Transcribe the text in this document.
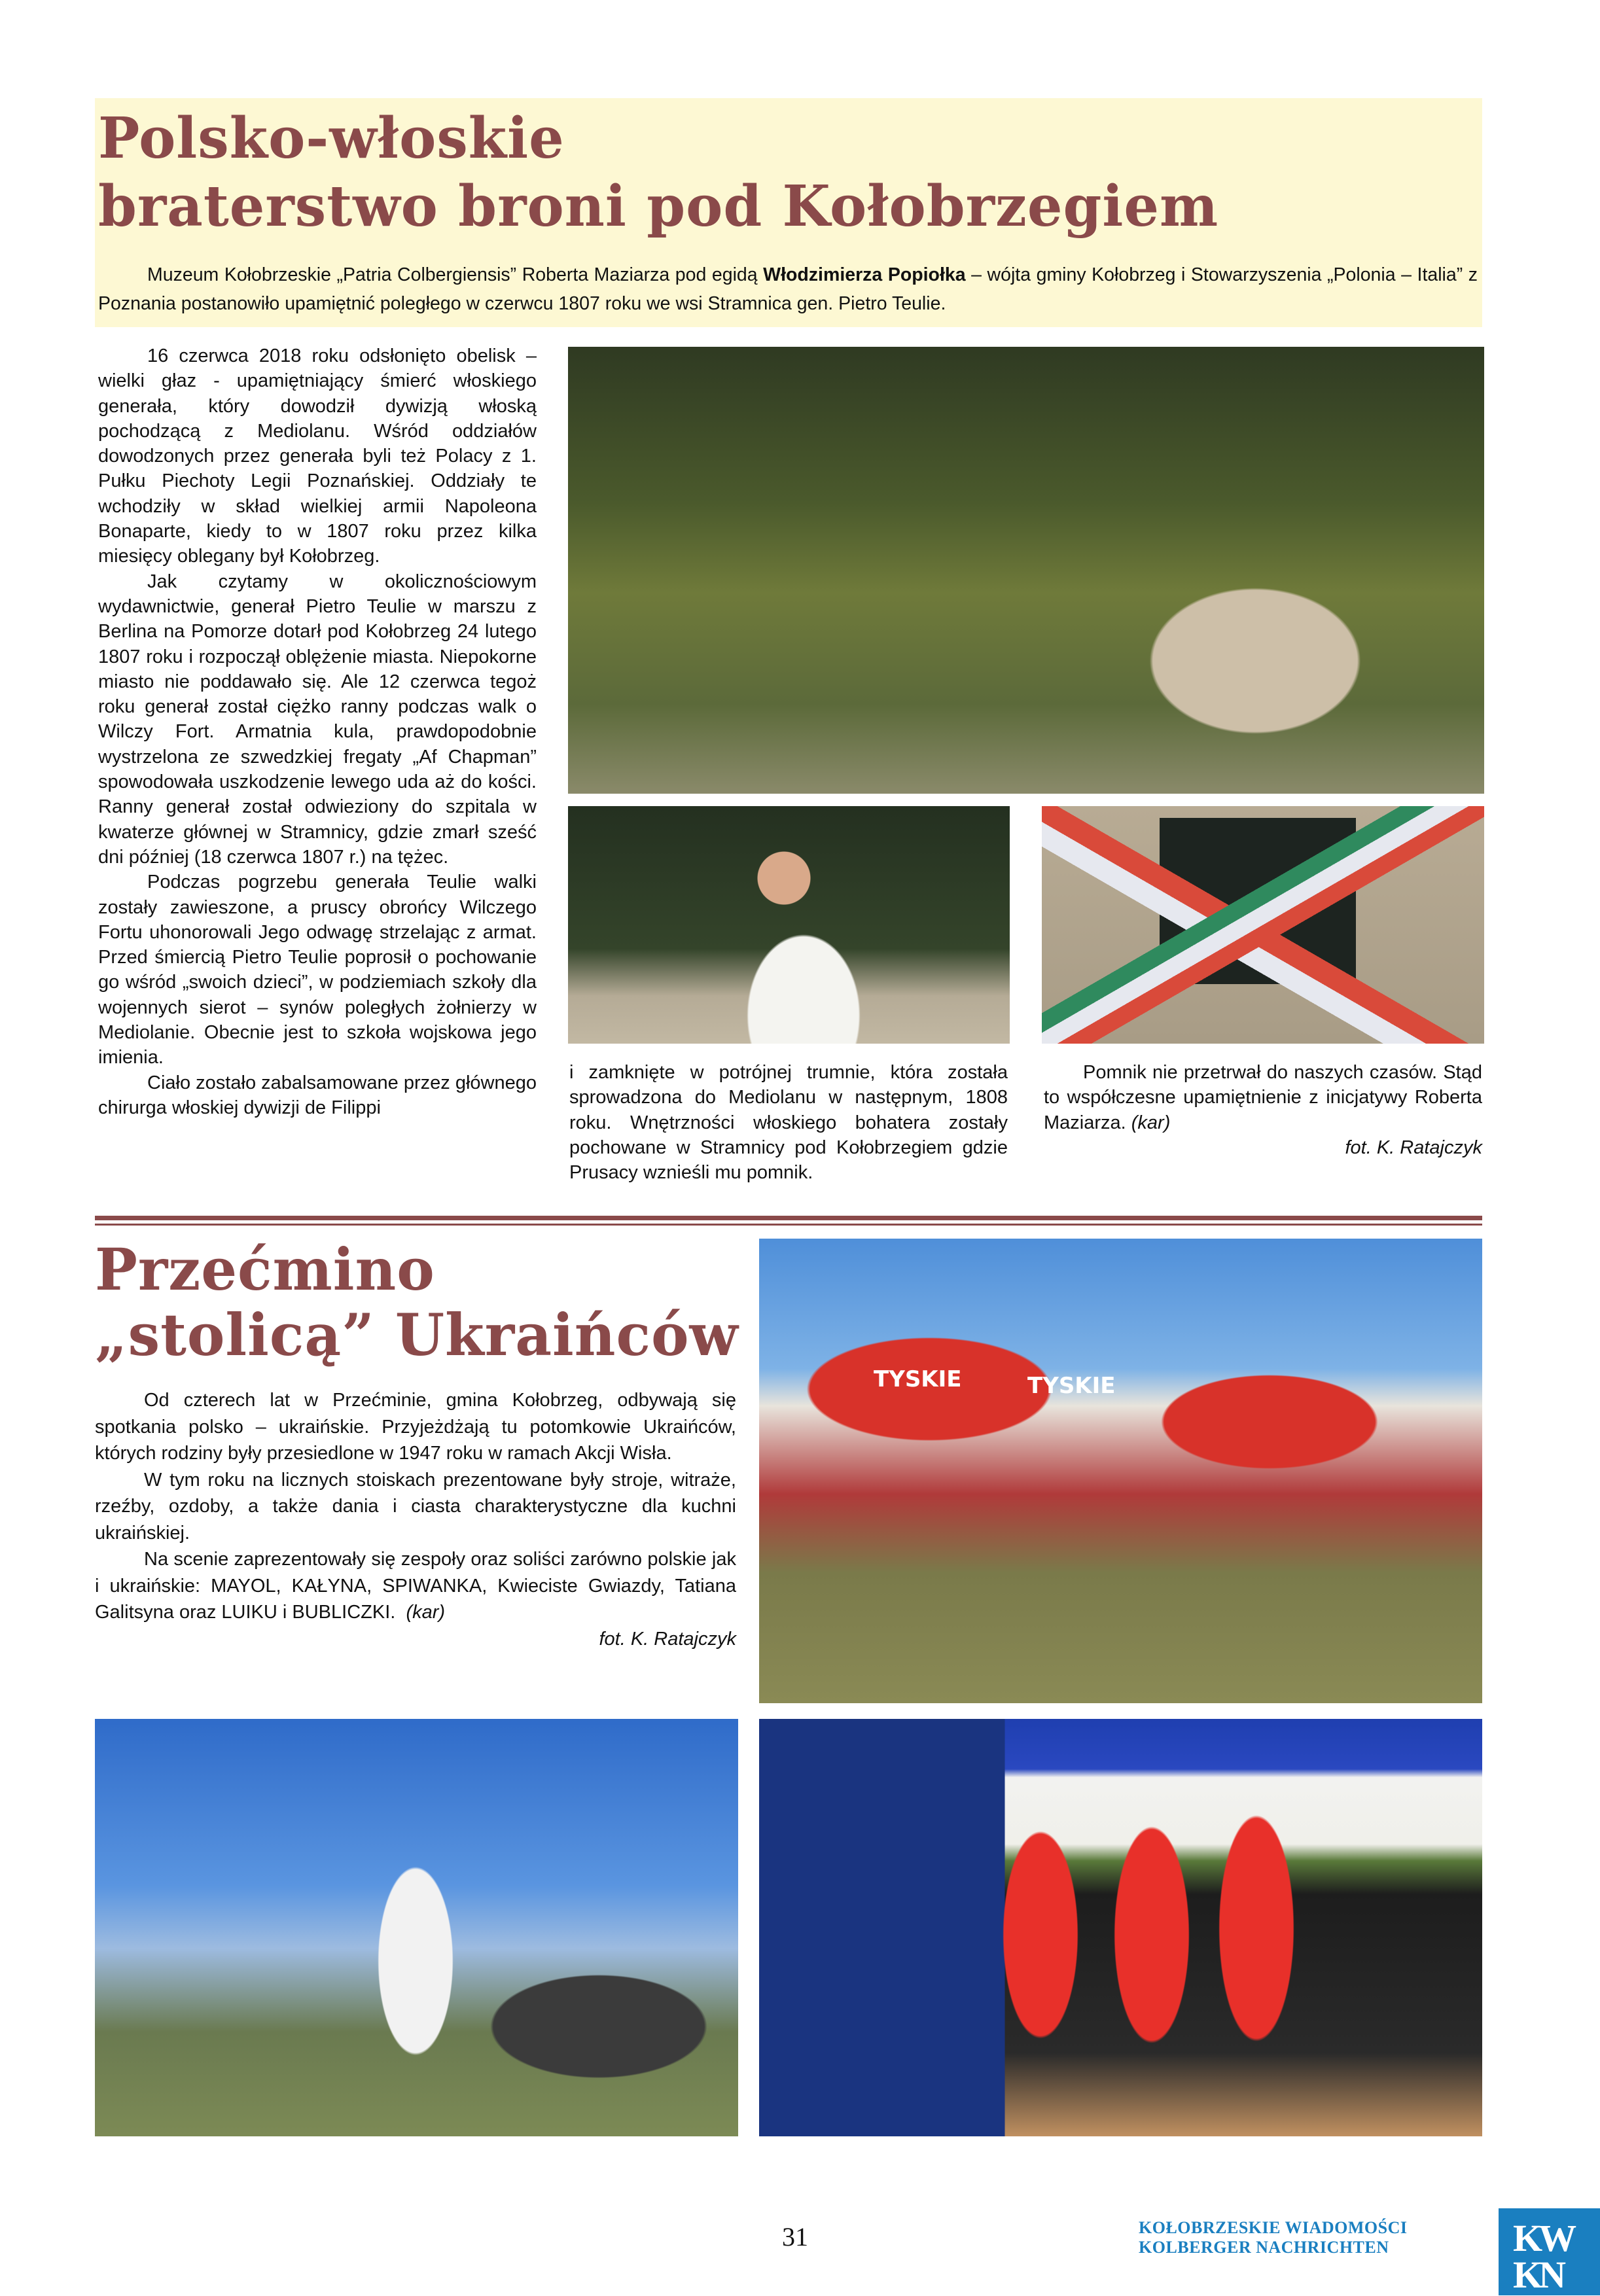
Polsko-włoskie
braterstwo broni pod Kołobrzegiem

Muzeum Kołobrzeskie „Patria Colbergiensis” Roberta Maziarza pod egidą Włodzimierza Popiołka – wójta gminy Kołobrzeg i Stowarzyszenia „Polonia – Italia” z Poznania postanowiło upamiętnić poległego w czerwcu 1807 roku we wsi Stramnica gen. Pietro Teulie.

16 czerwca 2018 roku odsłonięto obelisk – wielki głaz - upamiętniający śmierć włoskiego generała, który dowodził dywizją włoską pochodzącą z Mediolanu. Wśród oddziałów dowodzonych przez generała byli też Polacy z 1. Pułku Piechoty Legii Poznańskiej. Oddziały te wchodziły w skład wielkiej armii Napoleona Bonaparte, kiedy to w 1807 roku przez kilka miesięcy oblegany był Kołobrzeg.

Jak czytamy w okolicznościowym wydawnictwie, generał Pietro Teulie w marszu z Berlina na Pomorze dotarł pod Kołobrzeg 24 lutego 1807 roku i rozpoczął oblężenie miasta. Niepokorne miasto nie poddawało się. Ale 12 czerwca tegoż roku generał został ciężko ranny podczas walk o Wilczy Fort. Armatnia kula, prawdopodobnie wystrzelona ze szwedzkiej fregaty „Af Chapman” spowodowała uszkodzenie lewego uda aż do kości. Ranny generał został odwieziony do szpitala w kwaterze głównej w Stramnicy, gdzie zmarł sześć dni później (18 czerwca 1807 r.) na tężec.

Podczas pogrzebu generała Teulie walki zostały zawieszone, a pruscy obrońcy Wilczego Fortu uhonorowali Jego odwagę strzelając z armat. Przed śmiercią Pietro Teulie poprosił o pochowanie go wśród „swoich dzieci”, w podziemiach szkoły dla wojennych sierot – synów poległych żołnierzy w Mediolanie. Obecnie jest to szkoła wojskowa jego imienia.

Ciało zostało zabalsamowane przez głównego chirurga włoskiej dywizji de Filippi

i zamknięte w potrójnej trumnie, która została sprowadzona do Mediolanu w następnym, 1808 roku. Wnętrzności włoskiego bohatera zostały pochowane w Stramnicy pod Kołobrzegiem gdzie Prusacy wznieśli mu pomnik.

Pomnik nie przetrwał do naszych czasów. Stąd to współczesne upamiętnienie z inicjatywy Roberta Maziarza. (kar)

fot. K. Ratajczyk
Przećmino
„stolicą” Ukraińców

Od czterech lat w Przećminie, gmina Kołobrzeg, odbywają się spotkania polsko – ukraińskie. Przyjeżdżają tu potomkowie Ukraińców, których rodziny były przesiedlone w 1947 roku w ramach Akcji Wisła.

W tym roku na licznych stoiskach prezentowane były stroje, witraże, rzeźby, ozdoby, a także dania i ciasta charakterystyczne dla kuchni ukraińskiej.

Na scenie zaprezentowały się zespoły oraz soliści zarówno polskie jak i ukraińskie: MAYOL, KAŁYNA, SPIWANKA, Kwieciste Gwiazdy, Tatiana Galitsyna oraz LUIKU i BUBLICZKI. (kar)

fot. K. Ratajczyk
TYSKIE	TYSKIE
31	KOŁOBRZESKIE WIADOMOŚCI
KOLBERGER NACHRICHTEN	KW
KN
